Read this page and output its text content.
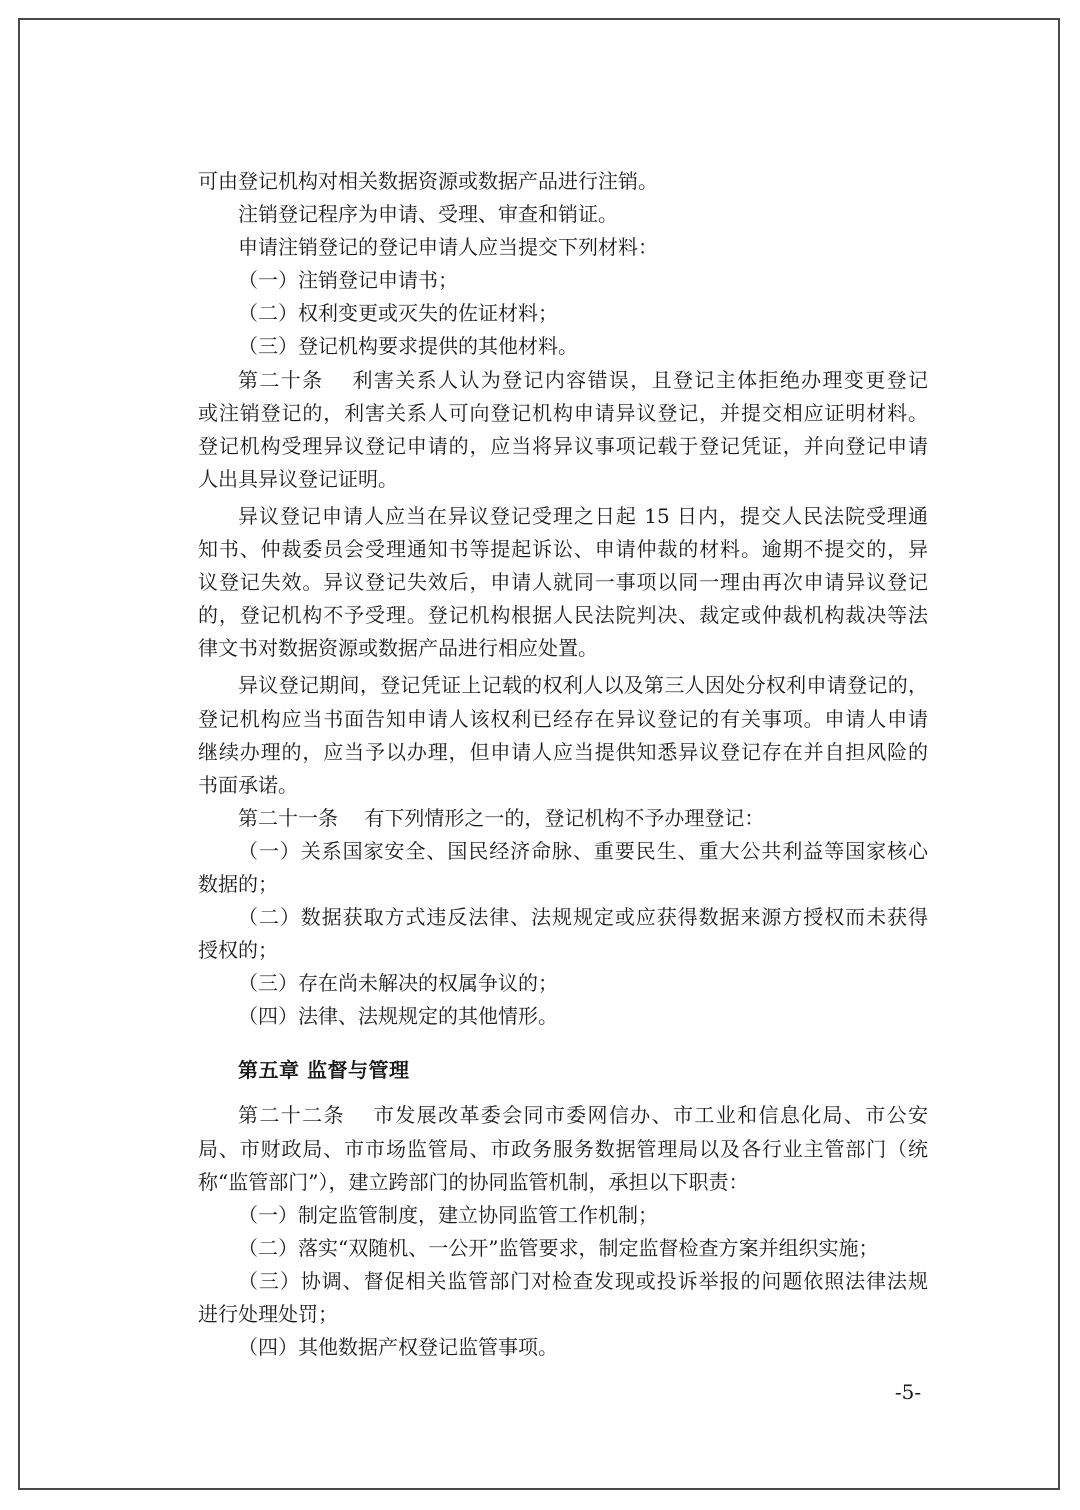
可由登记机构对相关数据资源或数据产品进行注销。
注销登记程序为申请、受理、审查和销证。
申请注销登记的登记申请人应当提交下列材料：
（一）注销登记申请书；
（二）权利变更或灭失的佐证材料；
（三）登记机构要求提供的其他材料。
第二十条　 利害关系人认为登记内容错误，且登记主体拒绝办理变更登记
或注销登记的，利害关系人可向登记机构申请异议登记，并提交相应证明材料。
登记机构受理异议登记申请的，应当将异议事项记载于登记凭证，并向登记申请
人出具异议登记证明。
异议登记申请人应当在异议登记受理之日起 15 日内，提交人民法院受理通
知书、仲裁委员会受理通知书等提起诉讼、申请仲裁的材料。逾期不提交的，异
议登记失效。异议登记失效后，申请人就同一事项以同一理由再次申请异议登记
的，登记机构不予受理。登记机构根据人民法院判决、裁定或仲裁机构裁决等法
律文书对数据资源或数据产品进行相应处置。
异议登记期间，登记凭证上记载的权利人以及第三人因处分权利申请登记的，
登记机构应当书面告知申请人该权利已经存在异议登记的有关事项。申请人申请
继续办理的，应当予以办理，但申请人应当提供知悉异议登记存在并自担风险的
书面承诺。
第二十一条　 有下列情形之一的，登记机构不予办理登记：
（一）关系国家安全、国民经济命脉、重要民生、重大公共利益等国家核心
数据的；
（二）数据获取方式违反法律、法规规定或应获得数据来源方授权而未获得
授权的；
（三）存在尚未解决的权属争议的；
（四）法律、法规规定的其他情形。
第五章 监督与管理
第二十二条　 市发展改革委会同市委网信办、市工业和信息化局、市公安
局、市财政局、市市场监管局、市政务服务数据管理局以及各行业主管部门（统
称“监管部门”），建立跨部门的协同监管机制，承担以下职责：
（一）制定监管制度，建立协同监管工作机制；
（二）落实“双随机、一公开”监管要求，制定监督检查方案并组织实施；
（三）协调、督促相关监管部门对检查发现或投诉举报的问题依照法律法规
进行处理处罚；
（四）其他数据产权登记监管事项。
-5-
